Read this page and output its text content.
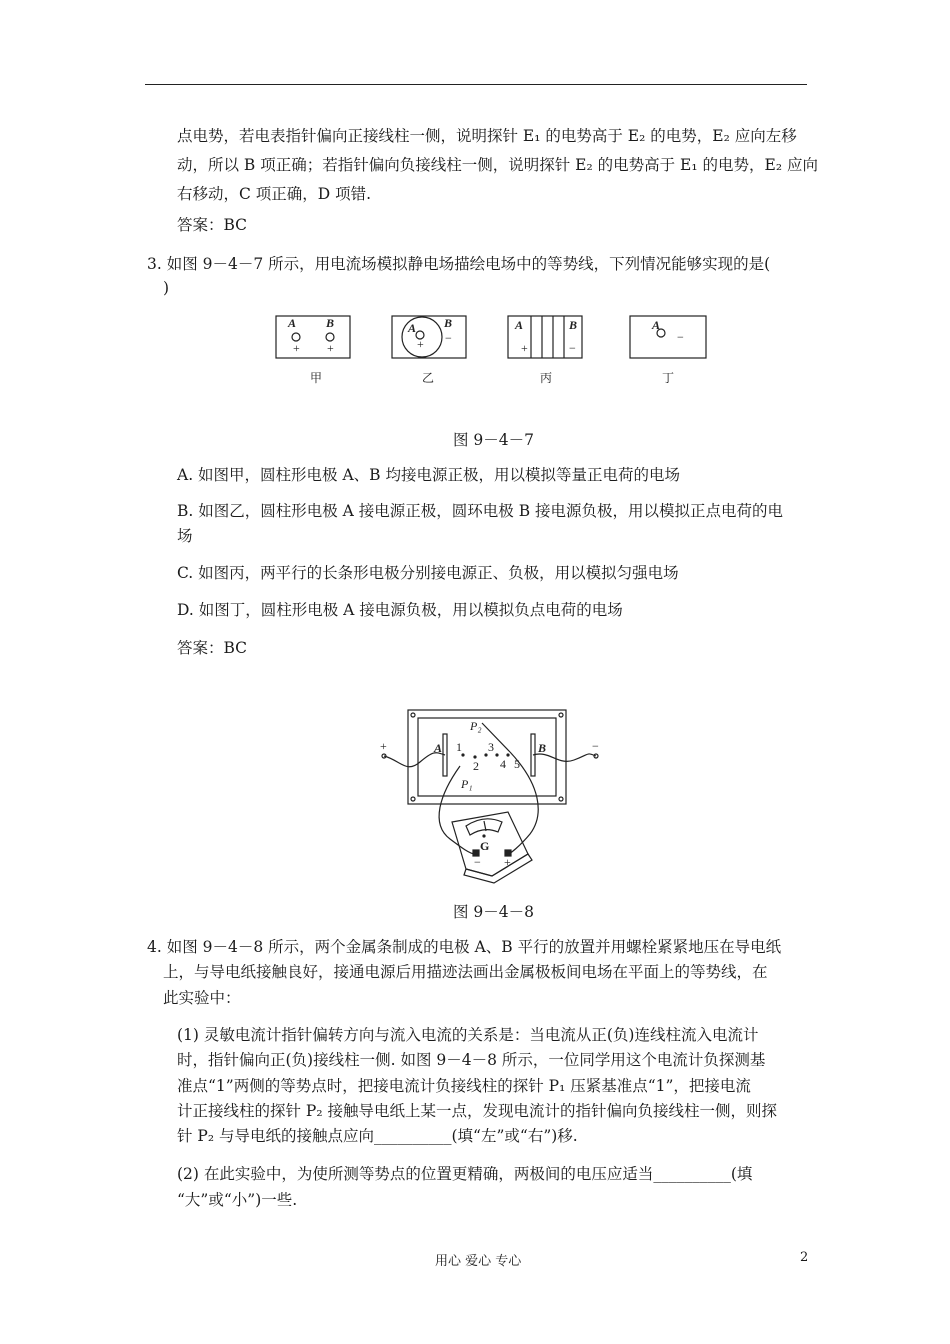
点电势，若电表指针偏向正接线柱一侧，说明探针 E₁ 的电势高于 E₂ 的电势，E₂ 应向左移
动，所以 B 项正确；若指针偏向负接线柱一侧，说明探针 E₂ 的电势高于 E₁ 的电势，E₂ 应向
右移动，C 项正确，D 项错.
答案：BC
3. 如图 9－4－7 所示，用电流场模拟静电场描绘电场中的等势线，下列情况能够实现的是(
)
A B	A B	A	B	A
+ +	+ −
+	−
−
甲	乙	丙	丁
图 9－4－7
A. 如图甲，圆柱形电极 A、B 均接电源正极，用以模拟等量正电荷的电场
B. 如图乙，圆柱形电极 A 接电源正极，圆环电极 B 接电源负极，用以模拟正点电荷的电
场
C. 如图丙，两平行的长条形电极分别接电源正、负极，用以模拟匀强电场
D. 如图丁，圆柱形电极 A 接电源负极，用以模拟负点电荷的电场
答案：BC
+	−
A	B
1
2
3
4 5
P₂
P₁
G
− +
图 9－4－8
4. 如图 9－4－8 所示，两个金属条制成的电极 A、B 平行的放置并用螺栓紧紧地压在导电纸
上，与导电纸接触良好，接通电源后用描迹法画出金属极板间电场在平面上的等势线，在
此实验中：
(1) 灵敏电流计指针偏转方向与流入电流的关系是：当电流从正(负)连线柱流入电流计
时，指针偏向正(负)接线柱一侧. 如图 9－4－8 所示，一位同学用这个电流计负探测基
准点“1”两侧的等势点时，把接电流计负接线柱的探针 P₁ 压紧基准点“1”，把接电流
计正接线柱的探针 P₂ 接触导电纸上某一点，发现电流计的指针偏向负接线柱一侧，则探
针 P₂ 与导电纸的接触点应向__________(填“左”或“右”)移.
(2) 在此实验中，为使所测等势点的位置更精确，两极间的电压应适当__________(填
“大”或“小”)一些.
用心 爱心 专心	2
